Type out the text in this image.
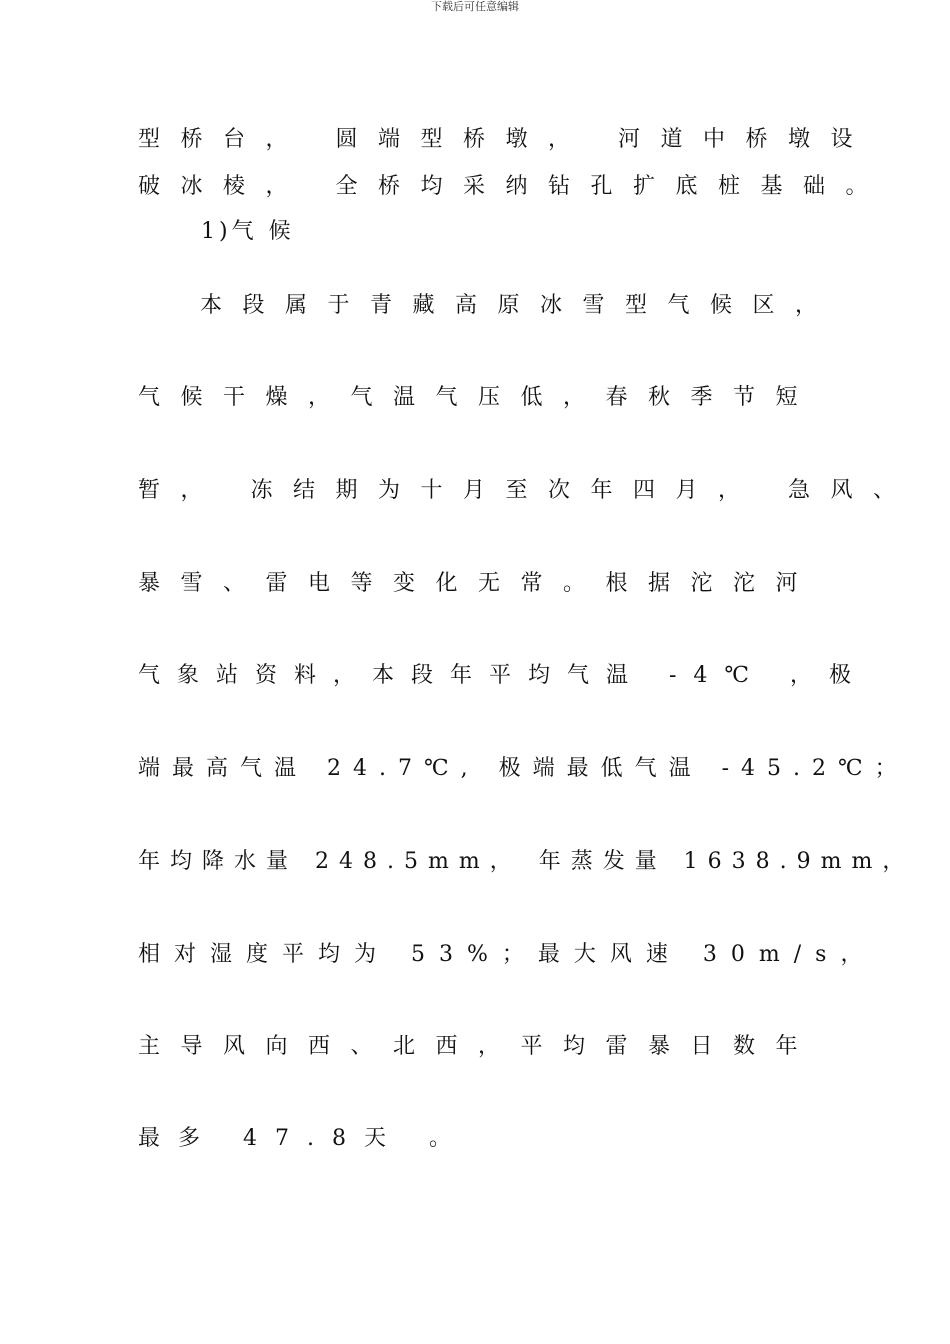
下载后可任意编辑
型桥台， 圆端型桥墩， 河道中桥墩设
破冰棱， 全桥均采纳钻孔扩底桩基础。
1)气 候
本段属于青藏高原冰雪型气候区，
气候干燥，气温气压低，春秋季节短
暂， 冻结期为十月至次年四月， 急风、
暴雪、雷电等变化无常。根据沱沱河
气象站资料，本段年平均气温 -4℃ ，极
端最高气温 24.7℃, 极端最低气温 -45.2℃；
年均降水量 248.5mm， 年蒸发量 1638.9mm，
相对湿度平均为 53%；最大风速 30m/s，
主导风向西、北西，平均雷暴日数年
最多 47.8天 。
